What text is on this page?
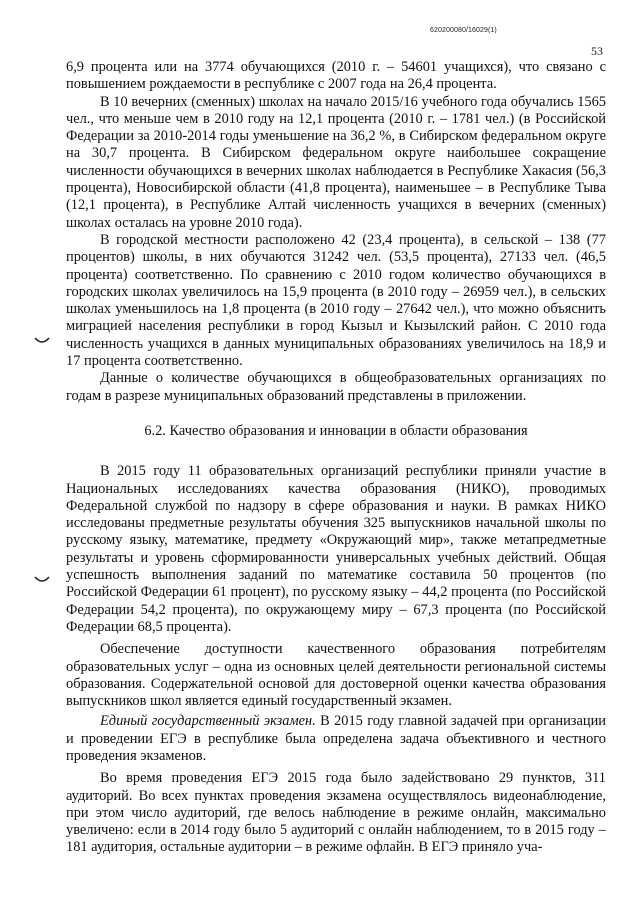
620200080/16029(1)
53

6,9 процента или на 3774 обучающихся (2010 г. – 54601 учащихся), что связано с повышением рождаемости в республике с 2007 года на 26,4 процента.

В 10 вечерних (сменных) школах на начало 2015/16 учебного года обучались 1565 чел., что меньше чем в 2010 году на 12,1 процента (2010 г. – 1781 чел.) (в Российской Федерации за 2010-2014 годы уменьшение на 36,2 %, в Сибирском федеральном округе на 30,7 процента. В Сибирском федеральном округе наибольшее сокращение численности обучающихся в вечерних школах наблюдается в Республике Хакасия (56,3 процента), Новосибирской области (41,8 процента), наименьшее – в Республике Тыва (12,1 процента), в Республике Алтай численность учащихся в вечерних (сменных) школах осталась на уровне 2010 года).

В городской местности расположено 42 (23,4 процента), в сельской – 138 (77 процентов) школы, в них обучаются 31242 чел. (53,5 процента), 27133 чел. (46,5 процента) соответственно. По сравнению с 2010 годом количество обучающихся в городских школах увеличилось на 15,9 процента (в 2010 году – 26959 чел.), в сельских школах уменьшилось на 1,8 процента (в 2010 году – 27642 чел.), что можно объяснить миграцией населения республики в город Кызыл и Кызылский район. С 2010 года численность учащихся в данных муниципальных образованиях увеличилось на 18,9 и 17 процента соответственно.

Данные о количестве обучающихся в общеобразовательных организациях по годам в разрезе муниципальных образований представлены в приложении.

6.2. Качество образования и инновации в области образования

В 2015 году 11 образовательных организаций республики приняли участие в Национальных исследованиях качества образования (НИКО), проводимых Федеральной службой по надзору в сфере образования и науки. В рамках НИКО исследованы предметные результаты обучения 325 выпускников начальной школы по русскому языку, математике, предмету «Окружающий мир», также метапредметные результаты и уровень сформированности универсальных учебных действий. Общая успешность выполнения заданий по математике составила 50 процентов (по Российской Федерации 61 процент), по русскому языку – 44,2 процента (по Российской Федерации 54,2 процента), по окружающему миру – 67,3 процента (по Российской Федерации 68,5 процента).

Обеспечение доступности качественного образования потребителям образовательных услуг – одна из основных целей деятельности региональной системы образования. Содержательной основой для достоверной оценки качества образования выпускников школ является единый государственный экзамен.

Единый государственный экзамен. В 2015 году главной задачей при организации и проведении ЕГЭ в республике была определена задача объективного и честного проведения экзаменов.

Во время проведения ЕГЭ 2015 года было задействовано 29 пунктов, 311 аудиторий. Во всех пунктах проведения экзамена осуществлялось видеонаблюдение, при этом число аудиторий, где велось наблюдение в режиме онлайн, максимально увеличено: если в 2014 году было 5 аудиторий с онлайн наблюдением, то в 2015 году – 181 аудитория, остальные аудитории – в режиме офлайн. В ЕГЭ приняло уча-
